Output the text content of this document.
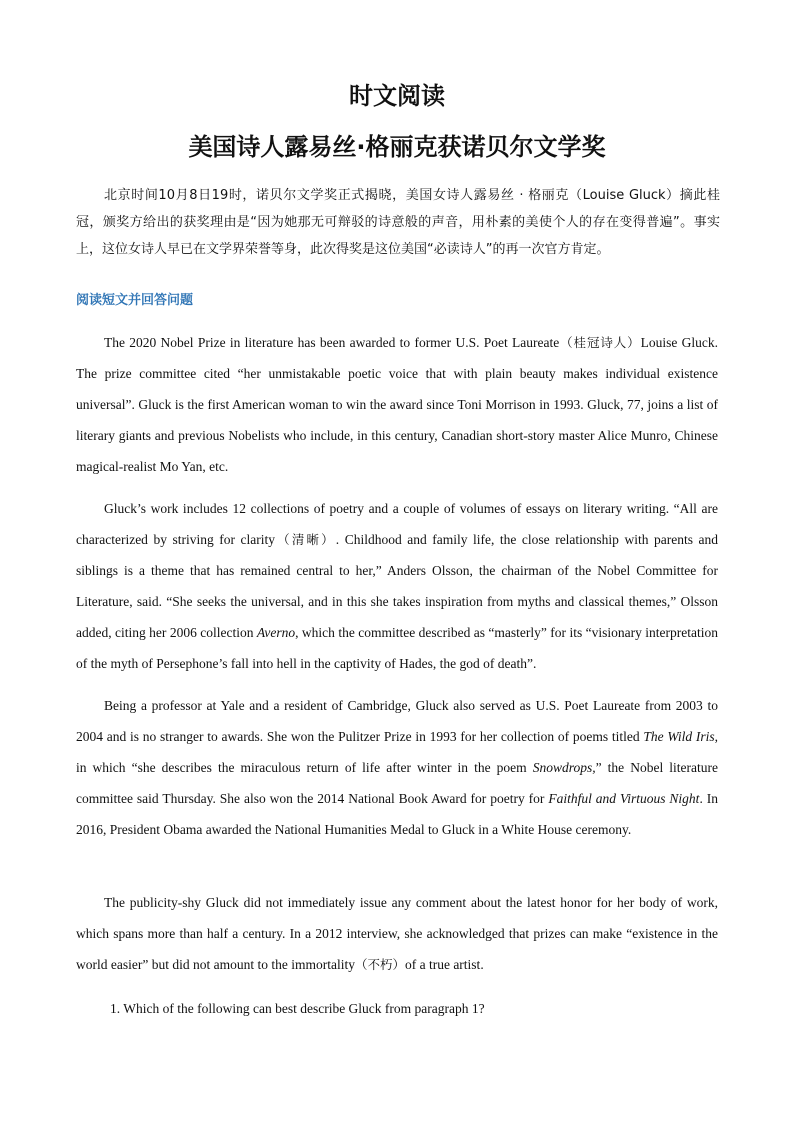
时文阅读
美国诗人露易丝·格丽克获诺贝尔文学奖

北京时间10月8日19时，诺贝尔文学奖正式揭晓，美国女诗人露易丝 · 格丽克（Louise Gluck）摘此桂冠，颁奖方给出的获奖理由是“因为她那无可辩驳的诗意般的声音，用朴素的美使个人的存在变得普遍”。事实上，这位女诗人早已在文学界荣誉等身，此次得奖是这位美国“必读诗人”的再一次官方肯定。

阅读短文并回答问题

The 2020 Nobel Prize in literature has been awarded to former U.S. Poet Laureate（桂冠诗人）Louise Gluck. The prize committee cited “her unmistakable poetic voice that with plain beauty makes individual existence universal”. Gluck is the first American woman to win the award since Toni Morrison in 1993. Gluck, 77, joins a list of literary giants and previous Nobelists who include, in this century, Canadian short-story master Alice Munro, Chinese magical-realist Mo Yan, etc.

Gluck’s work includes 12 collections of poetry and a couple of volumes of essays on literary writing. “All are characterized by striving for clarity（清晰）. Childhood and family life, the close relationship with parents and siblings is a theme that has remained central to her,” Anders Olsson, the chairman of the Nobel Committee for Literature, said. “She seeks the universal, and in this she takes inspiration from myths and classical themes,” Olsson added, citing her 2006 collection Averno, which the committee described as “masterly” for its “visionary interpretation of the myth of Persephone’s fall into hell in the captivity of Hades, the god of death”.

Being a professor at Yale and a resident of Cambridge, Gluck also served as U.S. Poet Laureate from 2003 to 2004 and is no stranger to awards. She won the Pulitzer Prize in 1993 for her collection of poems titled The Wild Iris, in which “she describes the miraculous return of life after winter in the poem Snowdrops,” the Nobel literature committee said Thursday. She also won the 2014 National Book Award for poetry for Faithful and Virtuous Night. In 2016, President Obama awarded the National Humanities Medal to Gluck in a White House ceremony.

The publicity-shy Gluck did not immediately issue any comment about the latest honor for her body of work, which spans more than half a century. In a 2012 interview, she acknowledged that prizes can make “existence in the world easier” but did not amount to the immortality（不朽）of a true artist.

1. Which of the following can best describe Gluck from paragraph 1?
